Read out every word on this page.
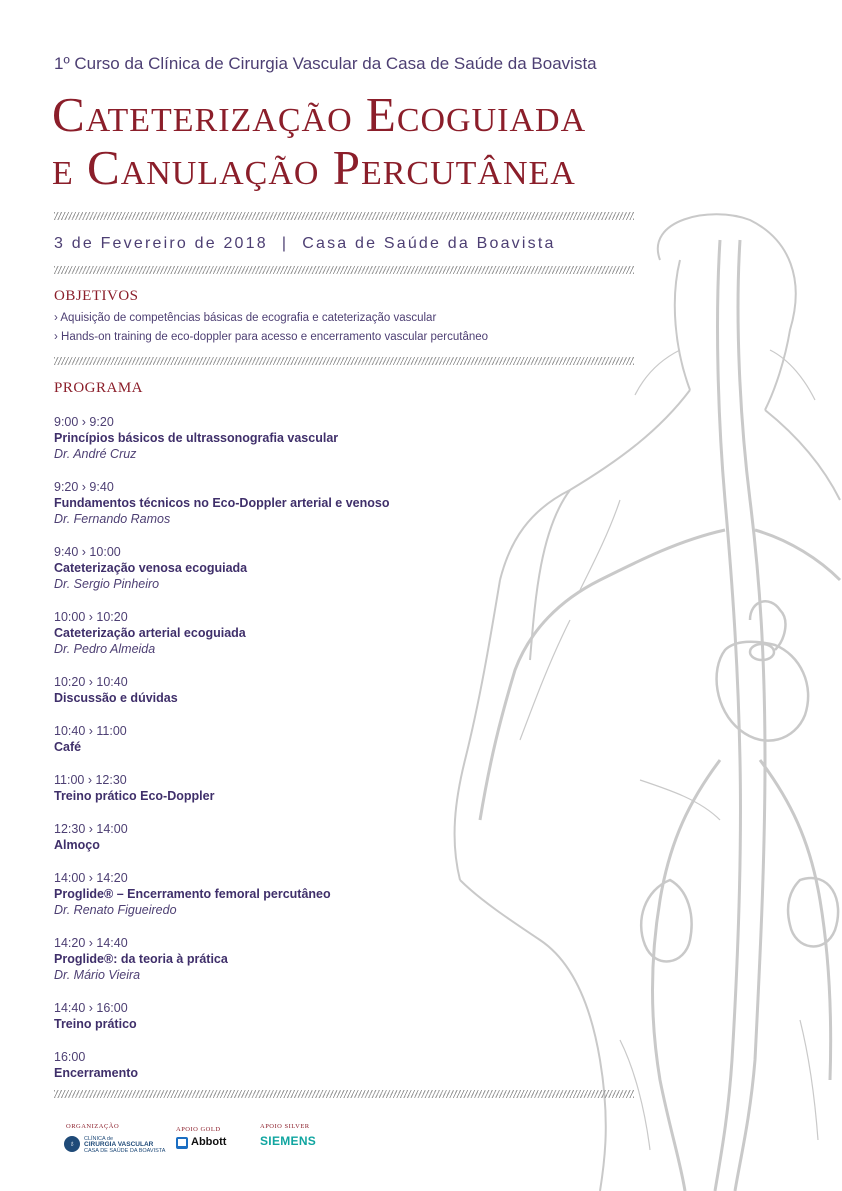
1º Curso da Clínica de Cirurgia Vascular da Casa de Saúde da Boavista
Cateterização Ecoguiada
e Canulação Percutânea
3 de Fevereiro de 2018 | Casa de Saúde da Boavista
OBJETIVOS
› Aquisição de competências básicas de ecografia e cateterização vascular
› Hands-on training de eco-doppler para acesso e encerramento vascular percutâneo
PROGRAMA
9:00 › 9:20
Princípios básicos de ultrassonografia vascular
Dr. André Cruz
9:20 › 9:40
Fundamentos técnicos no Eco-Doppler arterial e venoso
Dr. Fernando Ramos
9:40 › 10:00
Cateterização venosa ecoguiada
Dr. Sergio Pinheiro
10:00 › 10:20
Cateterização arterial ecoguiada
Dr. Pedro Almeida
10:20 › 10:40
Discussão e dúvidas
10:40 › 11:00
Café
11:00 › 12:30
Treino prático Eco-Doppler
12:30 › 14:00
Almoço
14:00 › 14:20
Proglide® – Encerramento femoral percutâneo
Dr. Renato Figueiredo
14:20 › 14:40
Proglide®: da teoria à prática
Dr. Mário Vieira
14:40 › 16:00
Treino prático
16:00
Encerramento
ORGANIZAÇÃO
♁	CLÍNICA de
CIRURGIA VASCULAR
CASA DE SAÚDE DA BOAVISTA
APOIO GOLD
Abbott
APOIO SILVER
SIEMENS
